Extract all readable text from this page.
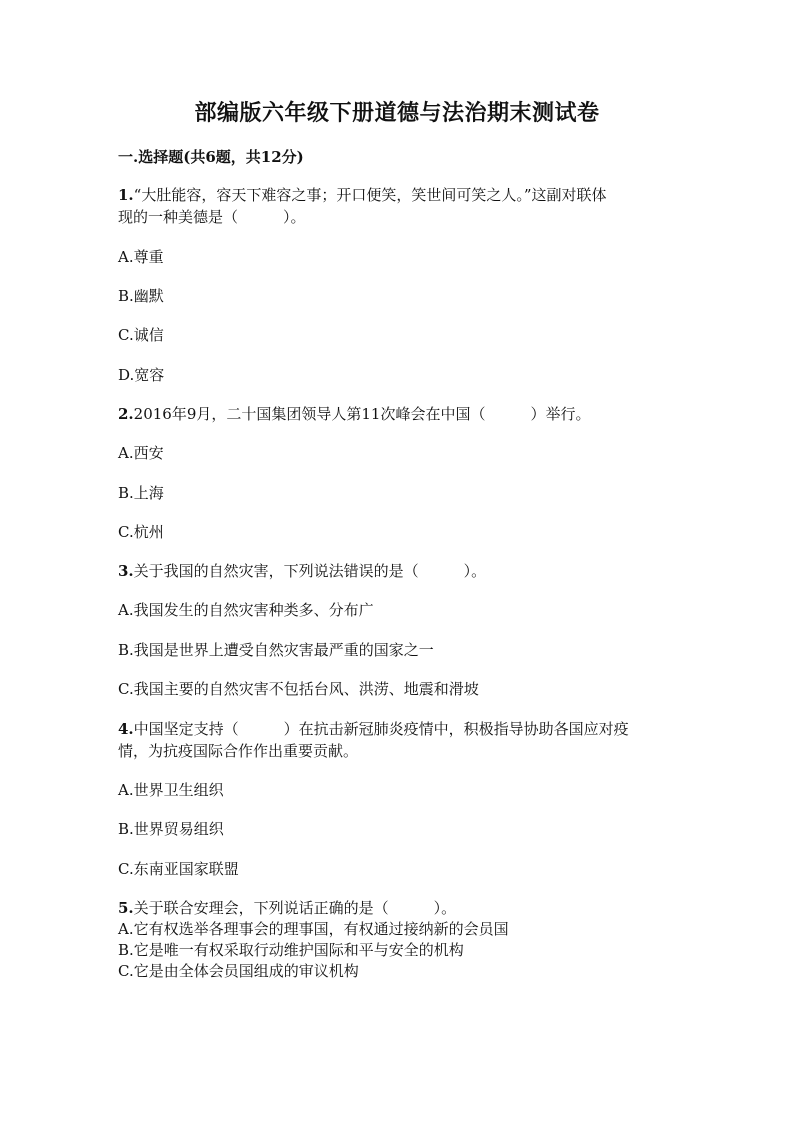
部编版六年级下册道德与法治期末测试卷
一.选择题(共6题，共12分)
1.“大肚能容，容天下难容之事；开口便笑，笑世间可笑之人。”这副对联体
现的一种美德是（　　　）。
A.尊重
B.幽默
C.诚信
D.宽容
2.2016年9月，二十国集团领导人第11次峰会在中国（　　　）举行。
A.西安
B.上海
C.杭州
3.关于我国的自然灾害，下列说法错误的是（　　　）。
A.我国发生的自然灾害种类多、分布广
B.我国是世界上遭受自然灾害最严重的国家之一
C.我国主要的自然灾害不包括台风、洪涝、地震和滑坡
4.中国坚定支持（　　　）在抗击新冠肺炎疫情中，积极指导协助各国应对疫
情，为抗疫国际合作作出重要贡献。
A.世界卫生组织
B.世界贸易组织
C.东南亚国家联盟
5.关于联合安理会，下列说话正确的是（　　　）。
A.它有权选举各理事会的理事国，有权通过接纳新的会员国
B.它是唯一有权采取行动维护国际和平与安全的机构
C.它是由全体会员国组成的审议机构
